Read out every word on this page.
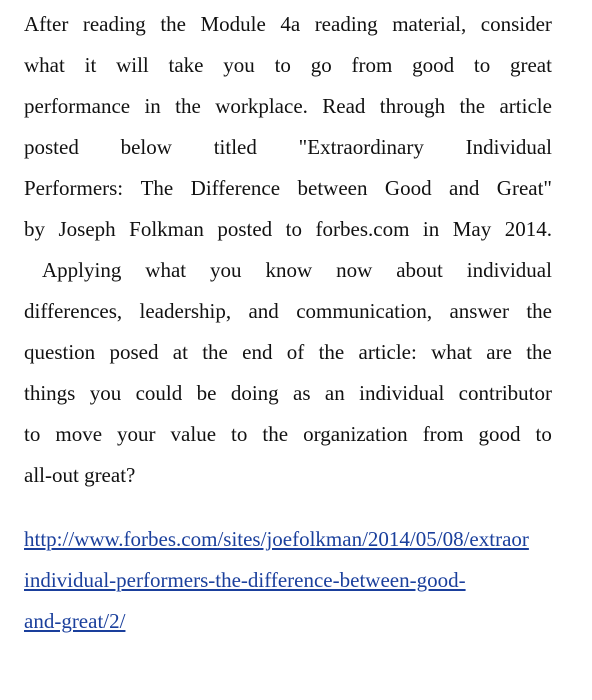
After reading the Module 4a reading material, consider
what it will take you to go from good to great
performance in the workplace. Read through the article
posted below titled "Extraordinary Individual
Performers: The Difference between Good and Great"
by Joseph Folkman posted to forbes.com in May 2014.
Applying what you know now about individual
differences, leadership, and communication, answer the
question posed at the end of the article: what are the
things you could be doing as an individual contributor
to move your value to the organization from good to
all-out great?
http://www.forbes.com/sites/joefolkman/2014/05/08/extraor
individual-performers-the-difference-between-good-
and-great/2/
